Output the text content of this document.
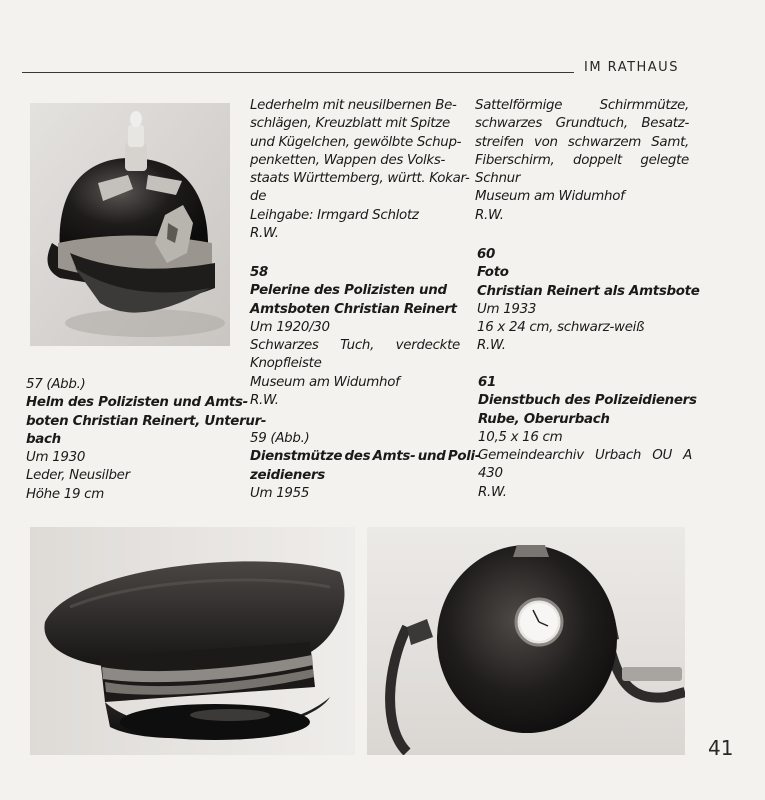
IM RATHAUS
57 (Abb.)
Helm des Polizisten und Amts-
boten Christian Reinert, Unterur-
bach
Um 1930
Leder, Neusilber
Höhe 19 cm
Lederhelm mit neusilbernen Be-
schlägen, Kreuzblatt mit Spitze
und Kügelchen, gewölbte Schup-
penketten, Wappen des Volks-
staats Württemberg, württ. Kokar-
de
Leihgabe: Irmgard Schlotz
R.W.
58
Pelerine des Polizisten und
Amtsboten Christian Reinert
Um 1920/30
Schwarzes Tuch, verdeckte
Knopfleiste
Museum am Widumhof
R.W.
59 (Abb.)
Dienstmütze des Amts- und Poli-
zeidieners
Um 1955
Sattelförmige Schirmmütze,
schwarzes Grundtuch, Besatz-
streifen von schwarzem Samt,
Fiberschirm, doppelt gelegte
Schnur
Museum am Widumhof
R.W.
60
Foto
Christian Reinert als Amtsbote
Um 1933
16 x 24 cm, schwarz-weiß
R.W.
61
Dienstbuch des Polizeidieners
Rube, Oberurbach
10,5 x 16 cm
Gemeindearchiv Urbach OU A
430
R.W.
41
